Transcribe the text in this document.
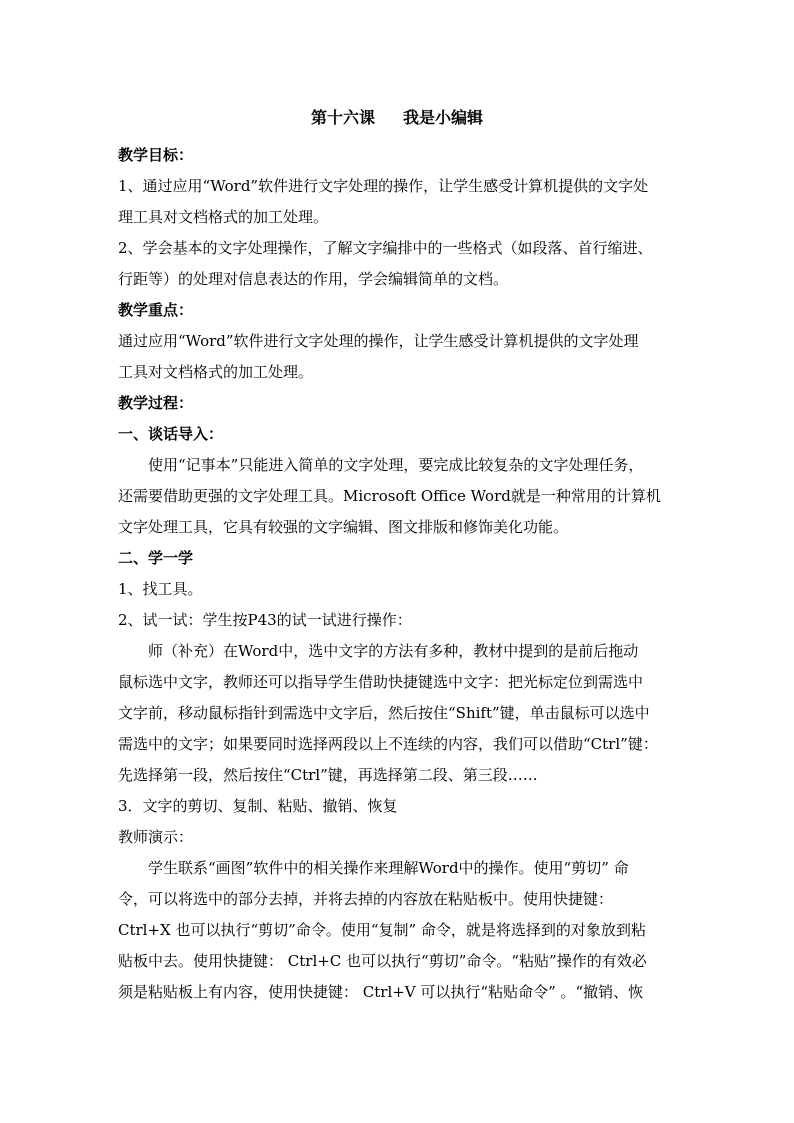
第十六课 我是小编辑
教学目标：
1、通过应用“Word”软件进行文字处理的操作，让学生感受计算机提供的文字处
理工具对文档格式的加工处理。
2、学会基本的文字处理操作，了解文字编排中的一些格式（如段落、首行缩进、
行距等）的处理对信息表达的作用，学会编辑简单的文档。
教学重点：
通过应用“Word”软件进行文字处理的操作，让学生感受计算机提供的文字处理
工具对文档格式的加工处理。
教学过程：
一、谈话导入：
使用“记事本”只能进入简单的文字处理，要完成比较复杂的文字处理任务，
还需要借助更强的文字处理工具。Microsoft Office Word就是一种常用的计算机
文字处理工具，它具有较强的文字编辑、图文排版和修饰美化功能。
二、学一学
1、找工具。
2、试一试：学生按P43的试一试进行操作：
师（补充）在Word中，选中文字的方法有多种，教材中提到的是前后拖动
鼠标选中文字，教师还可以指导学生借助快捷键选中文字：把光标定位到需选中
文字前，移动鼠标指针到需选中文字后，然后按住“Shift”键，单击鼠标可以选中
需选中的文字；如果要同时选择两段以上不连续的内容，我们可以借助“Ctrl”键：
先选择第一段，然后按住“Ctrl”键，再选择第二段、第三段……
3．文字的剪切、复制、粘贴、撤销、恢复
教师演示：
学生联系“画图”软件中的相关操作来理解Word中的操作。使用“剪切” 命
令，可以将选中的部分去掉，并将去掉的内容放在粘贴板中。使用快捷键：
Ctrl+X 也可以执行“剪切”命令。使用“复制” 命令，就是将选择到的对象放到粘
贴板中去。使用快捷键： Ctrl+C 也可以执行“剪切”命令。“粘贴”操作的有效必
须是粘贴板上有内容，使用快捷键： Ctrl+V 可以执行“粘贴命令” 。“撤销、恢
